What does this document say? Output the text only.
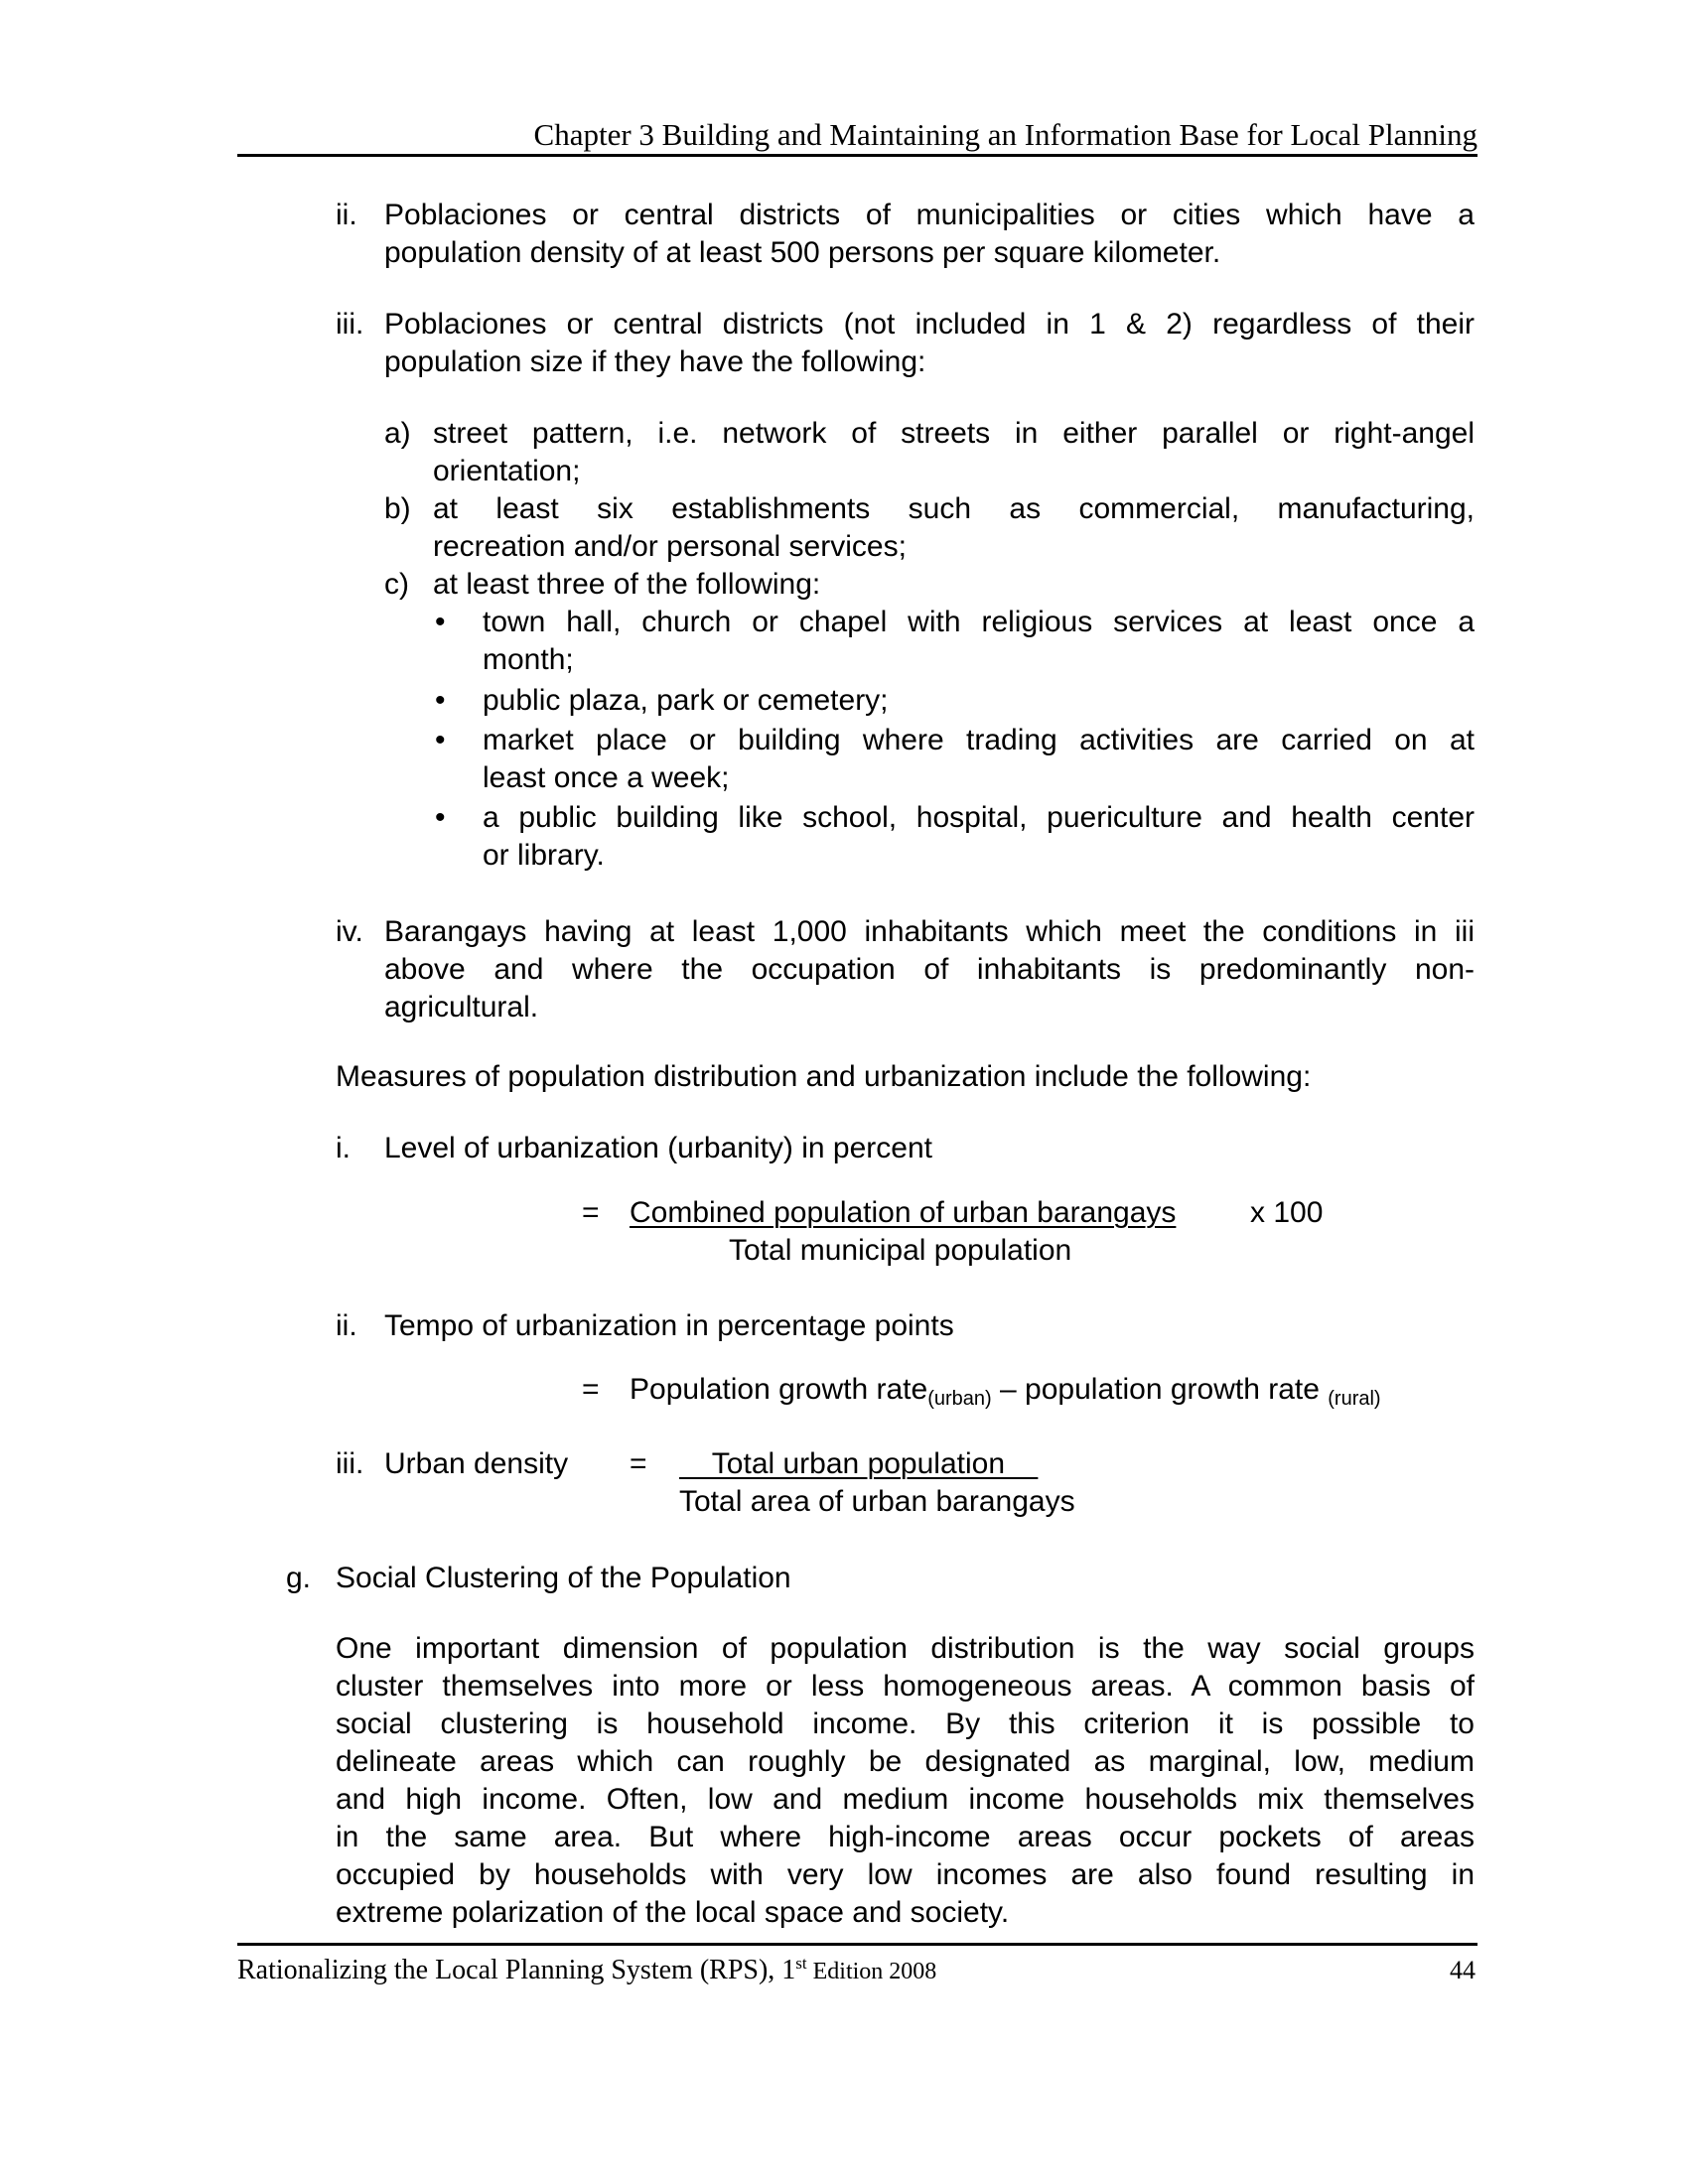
Chapter 3 Building and Maintaining an Information Base for Local Planning
ii. Poblaciones or central districts of municipalities or cities which have a
population density of at least 500 persons per square kilometer.
iii. Poblaciones or central districts (not included in 1 & 2) regardless of their
population size if they have the following:
a) street pattern, i.e. network of streets in either parallel or right-angel
orientation;
b) at least six establishments such as commercial, manufacturing,
recreation and/or personal services;
c) at least three of the following:
• town hall, church or chapel with religious services at least once a
month;
• public plaza, park or cemetery;
• market place or building where trading activities are carried on at
least once a week;
• a public building like school, hospital, puericulture and health center
or library.
iv. Barangays having at least 1,000 inhabitants which meet the conditions in iii
above and where the occupation of inhabitants is predominantly non-
agricultural.
Measures of population distribution and urbanization include the following:
i. Level of urbanization (urbanity) in percent
= Combined population of urban barangays x 100
Total municipal population
ii. Tempo of urbanization in percentage points
= Population growth rate$_{(urban)}$ – population growth rate $_{(rural)}$
iii. Urban density = Total urban population
Total area of urban barangays
g. Social Clustering of the Population
One important dimension of population distribution is the way social groups
cluster themselves into more or less homogeneous areas. A common basis of
social clustering is household income. By this criterion it is possible to
delineate areas which can roughly be designated as marginal, low, medium
and high income. Often, low and medium income households mix themselves
in the same area. But where high-income areas occur pockets of areas
occupied by households with very low incomes are also found resulting in
extreme polarization of the local space and society.
Rationalizing the Local Planning System (RPS), 1st Edition 2008	44
